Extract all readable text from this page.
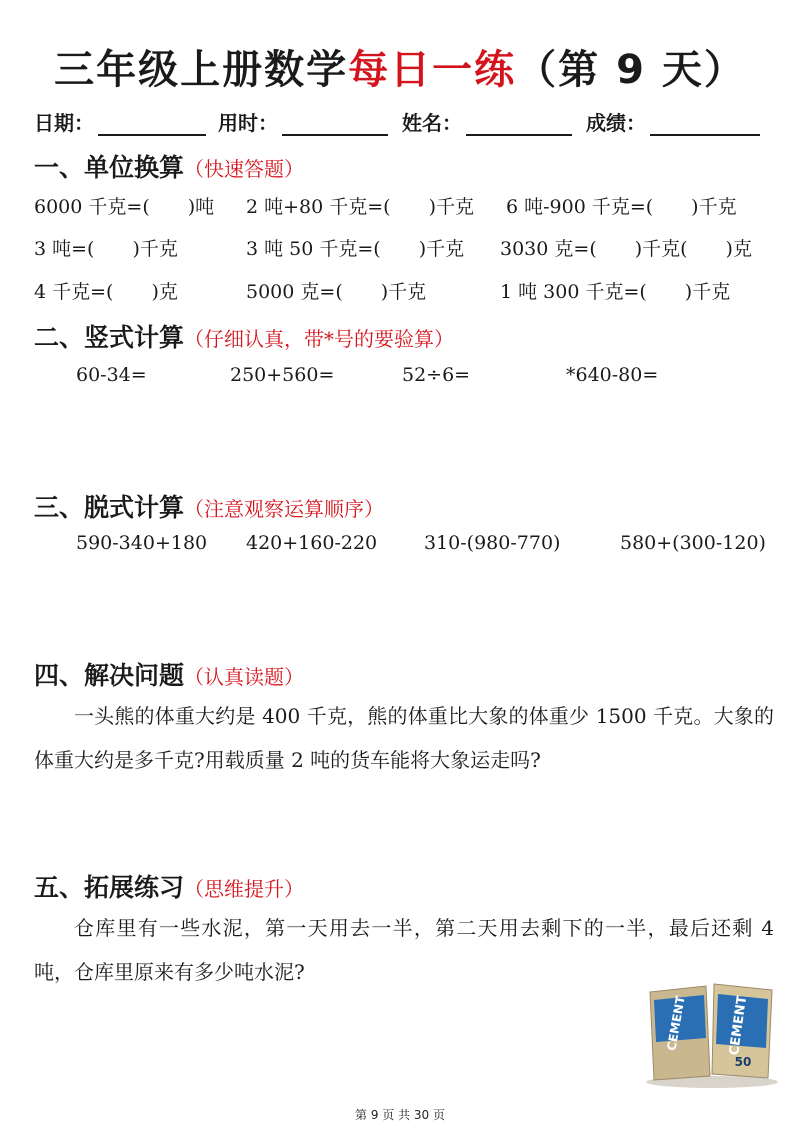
三年级上册数学每日一练（第 9 天）
日期：	用时：	姓名：	成绩：
一、单位换算（快速答题）
6000 千克=(　　)吨 2 吨+80 千克=(　　)千克 6 吨-900 千克=(　　)千克
3 吨=(　　)千克	3 吨 50 千克=(　　)千克 3030 克=(　　)千克(　　)克
4 千克=(　　)克	5000 克=(　　)千克	1 吨 300 千克=(　　)千克
二、竖式计算（仔细认真，带*号的要验算）
60-34=	250+560=	52÷6=	*640-80=
三、脱式计算（注意观察运算顺序）
590-340+180 420+160-220 310-(980-770)	580+(300-120)
四、解决问题（认真读题）
一头熊的体重大约是 400 千克，熊的体重比大象的体重少 1500 千克。大象的体重大约是多千克?用载质量 2 吨的货车能将大象运走吗?
五、拓展练习（思维提升）
仓库里有一些水泥，第一天用去一半，第二天用去剩下的一半，最后还剩 4 吨，仓库里原来有多少吨水泥?
CEMENT	CEMENT
50
第 9 页 共 30 页
